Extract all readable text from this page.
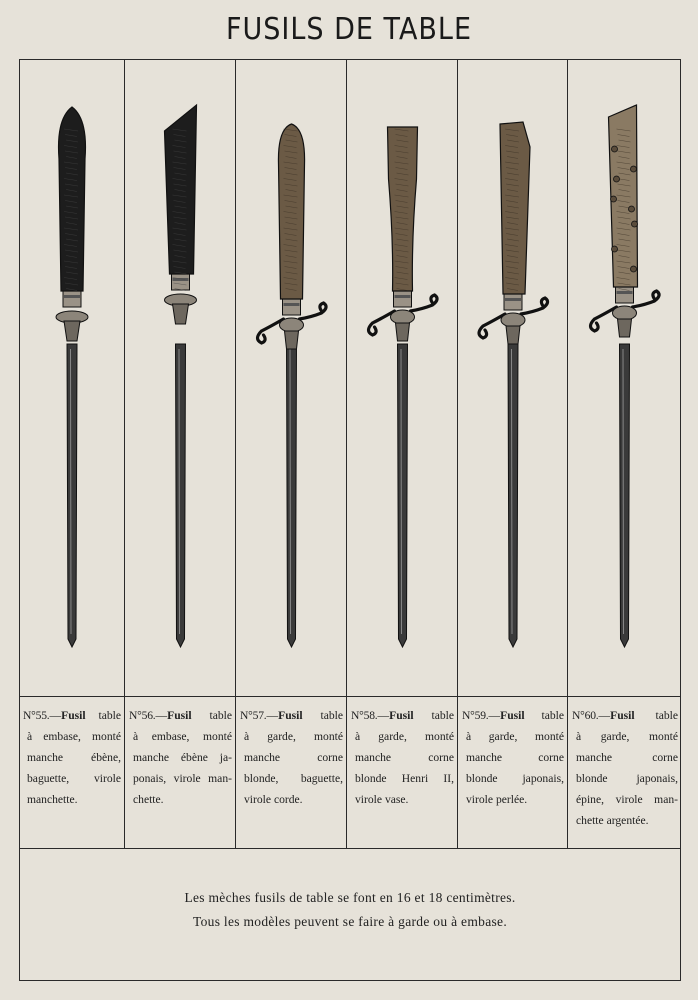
FUSILS DE TABLE
N°55.—Fusil table
à embase, monté
manche ébène,
baguette, virole
manchette.
N°56.—Fusil table
à embase, monté
manche ébène ja-
ponais, virole man-
chette.
N°57.—Fusil table
à garde, monté
manche corne
blonde, baguette,
virole corde.
N°58.—Fusil table
à garde, monté
manche corne
blonde Henri II,
virole vase.
N°59.—Fusil table
à garde, monté
manche corne
blonde japonais,
virole perlée.
N°60.—Fusil table
à garde, monté
manche corne
blonde japonais,
épine, virole man-
chette argentée.
Les mèches fusils de table se font en 16 et 18 centimètres.
Tous les modèles peuvent se faire à garde ou à embase.
